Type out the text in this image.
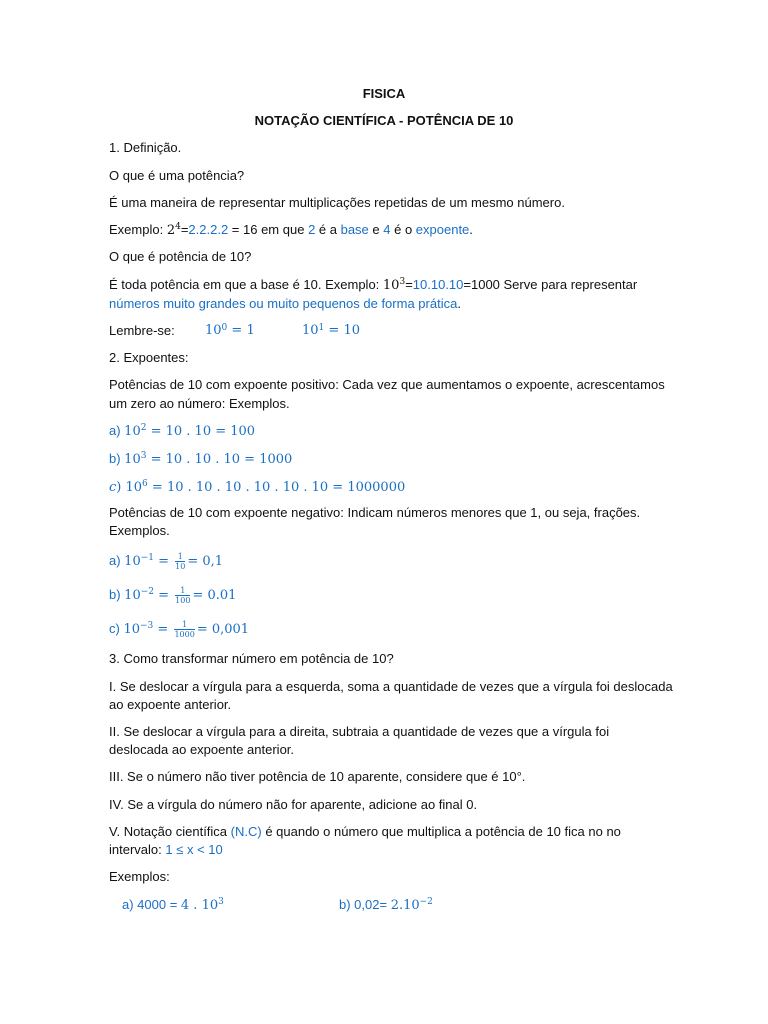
FISICA
NOTAÇÃO CIENTÍFICA - POTÊNCIA DE 10
1. Definição.
O que é uma potência?
É uma maneira de representar multiplicações repetidas de um mesmo número.
Exemplo: $2^4=2.2.2.2 = 16$ em que 2 é a base e 4 é o expoente.
O que é potência de 10?
É toda potência em que a base é 10. Exemplo: $10^3=10.10.10=1000$ Serve para representar
números muito grandes ou muito pequenos de forma prática.
Lembre-se: $10^0 = 1$	$10^1 = 10$
2. Expoentes:
Potências de 10 com expoente positivo: Cada vez que aumentamos o expoente, acrescentamos
um zero ao número: Exemplos.
a) $10^2 = 10$ . 10 = 100
b) $10^3 = 10$ . 10 . 10 = 1000
𝑐) $10^6 = 10$ . 10 . 10 . 10 . 10 . 10 = 1000000
Potências de 10 com expoente negativo: Indicam números menores que 1, ou seja, frações.
Exemplos.
a) $10^{-1} = \frac{1}{10} = 0,1$
b) $10^{-2} = \frac{1}{100} = 0.01$
c) $10^{-3} = \frac{1}{1000} = 0,001$
3. Como transformar número em potência de 10?
I. Se deslocar a vírgula para a esquerda, soma a quantidade de vezes que a vírgula foi deslocada
ao expoente anterior.
II. Se deslocar a vírgula para a direita, subtraia a quantidade de vezes que a vírgula foi
deslocada ao expoente anterior.
III. Se o número não tiver potência de 10 aparente, considere que é 10°.
IV. Se a vírgula do número não for aparente, adicione ao final 0.
V. Notação científica (N.C) é quando o número que multiplica a potência de 10 fica no no
intervalo: 1 ≤ x < 10
Exemplos:
a) 4000 = 4 . $10^3$	b) $0,02= 2.10^{-2}$
